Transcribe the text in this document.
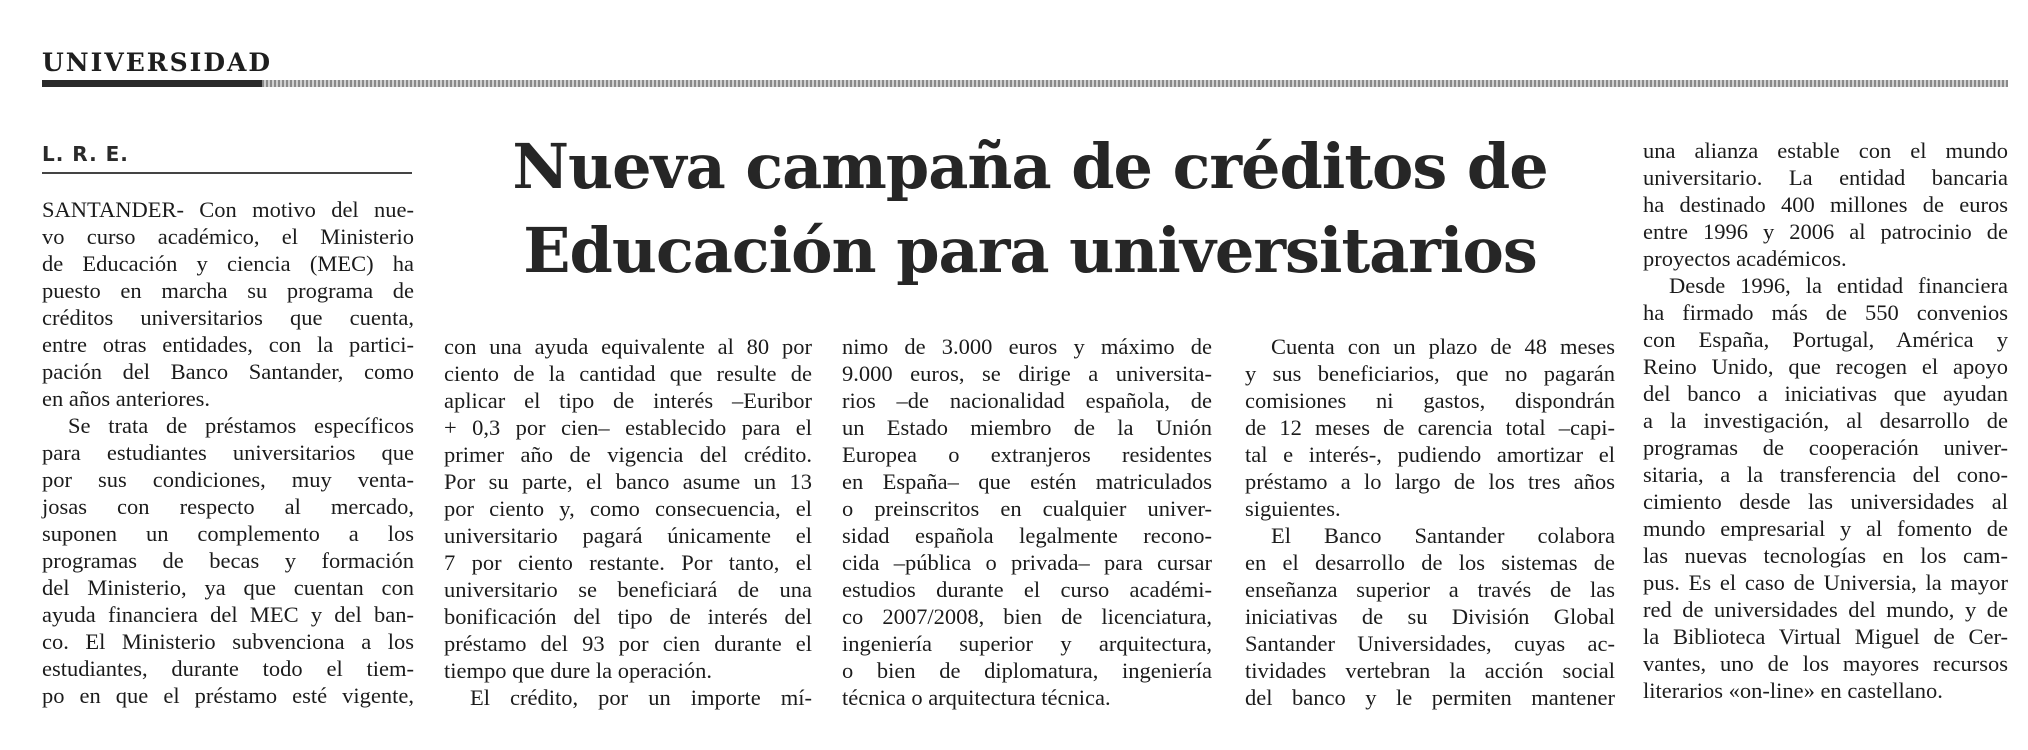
UNIVERSIDAD
L. R. E.	Nueva campaña de créditos de
Educación para universitarios
SANTANDER- Con motivo del nue-
vo curso académico, el Ministerio
de Educación y ciencia (MEC) ha
puesto en marcha su programa de
créditos universitarios que cuenta,
entre otras entidades, con la partici-
pación del Banco Santander, como
en años anteriores.
Se trata de préstamos específicos
para estudiantes universitarios que
por sus condiciones, muy venta-
josas con respecto al mercado,
suponen un complemento a los
programas de becas y formación
del Ministerio, ya que cuentan con
ayuda financiera del MEC y del ban-
co. El Ministerio subvenciona a los
estudiantes, durante todo el tiem-
po en que el préstamo esté vigente,
con una ayuda equivalente al 80 por
ciento de la cantidad que resulte de
aplicar el tipo de interés –Euribor
+ 0,3 por cien– establecido para el
primer año de vigencia del crédito.
Por su parte, el banco asume un 13
por ciento y, como consecuencia, el
universitario pagará únicamente el
7 por ciento restante. Por tanto, el
universitario se beneficiará de una
bonificación del tipo de interés del
préstamo del 93 por cien durante el
tiempo que dure la operación.
El crédito, por un importe mí-
nimo de 3.000 euros y máximo de
9.000 euros, se dirige a universita-
rios –de nacionalidad española, de
un Estado miembro de la Unión
Europea o extranjeros residentes
en España– que estén matriculados
o preinscritos en cualquier univer-
sidad española legalmente recono-
cida –pública o privada– para cursar
estudios durante el curso académi-
co 2007/2008, bien de licenciatura,
ingeniería superior y arquitectura,
o bien de diplomatura, ingeniería
técnica o arquitectura técnica.
Cuenta con un plazo de 48 meses
y sus beneficiarios, que no pagarán
comisiones ni gastos, dispondrán
de 12 meses de carencia total –capi-
tal e interés-, pudiendo amortizar el
préstamo a lo largo de los tres años
siguientes.
El Banco Santander colabora
en el desarrollo de los sistemas de
enseñanza superior a través de las
iniciativas de su División Global
Santander Universidades, cuyas ac-
tividades vertebran la acción social
del banco y le permiten mantener
una alianza estable con el mundo
universitario. La entidad bancaria
ha destinado 400 millones de euros
entre 1996 y 2006 al patrocinio de
proyectos académicos.
Desde 1996, la entidad financiera
ha firmado más de 550 convenios
con España, Portugal, América y
Reino Unido, que recogen el apoyo
del banco a iniciativas que ayudan
a la investigación, al desarrollo de
programas de cooperación univer-
sitaria, a la transferencia del cono-
cimiento desde las universidades al
mundo empresarial y al fomento de
las nuevas tecnologías en los cam-
pus. Es el caso de Universia, la mayor
red de universidades del mundo, y de
la Biblioteca Virtual Miguel de Cer-
vantes, uno de los mayores recursos
literarios «on-line» en castellano.
